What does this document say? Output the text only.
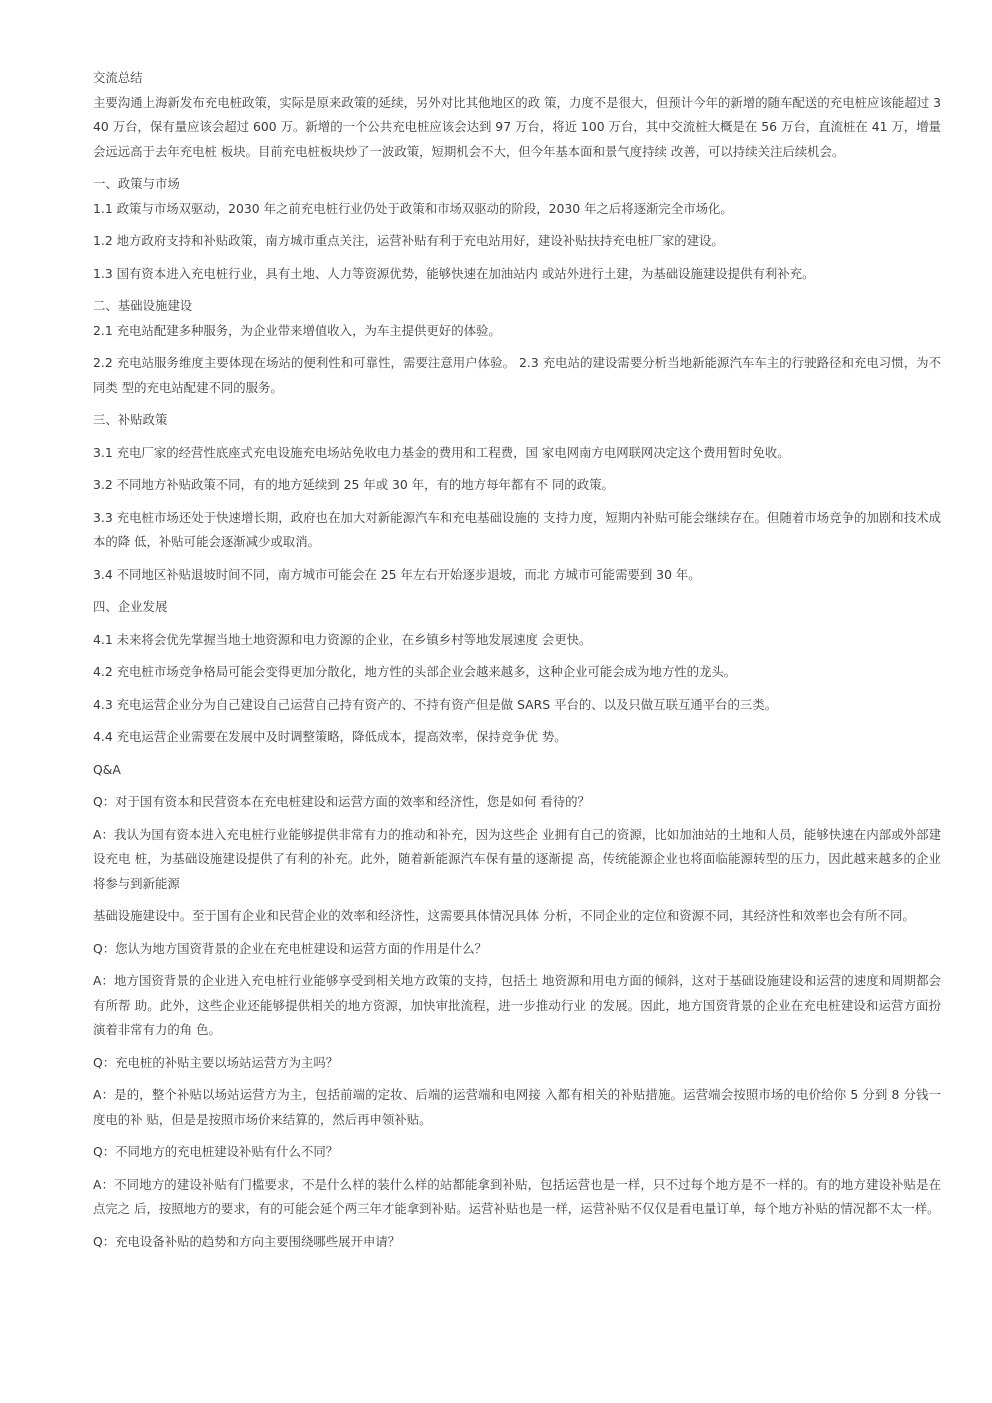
交流总结

主要沟通上海新发布充电桩政策，实际是原来政策的延续，另外对比其他地区的政 策，力度不是很大，但预计今年的新增的随车配送的充电桩应该能超过 340 万台，保有量应该会超过 600 万。新增的一个公共充电桩应该会达到 97 万台，将近 100 万台，其中交流桩大概是在 56 万台，直流桩在 41 万，增量会远远高于去年充电桩 板块。目前充电桩板块炒了一波政策，短期机会不大，但今年基本面和景气度持续 改善，可以持续关注后续机会。

一、政策与市场

1.1 政策与市场双驱动，2030 年之前充电桩行业仍处于政策和市场双驱动的阶段，2030 年之后将逐渐完全市场化。

1.2 地方政府支持和补贴政策，南方城市重点关注，运营补贴有利于充电站用好，建设补贴扶持充电桩厂家的建设。

1.3 国有资本进入充电桩行业，具有土地、人力等资源优势，能够快速在加油站内 或站外进行土建，为基础设施建设提供有利补充。

二、基础设施建设

2.1 充电站配建多种服务，为企业带来增值收入，为车主提供更好的体验。

2.2 充电站服务维度主要体现在场站的便利性和可靠性，需要注意用户体验。 2.3 充电站的建设需要分析当地新能源汽车车主的行驶路径和充电习惯，为不同类 型的充电站配建不同的服务。

三、补贴政策

3.1 充电厂家的经营性底座式充电设施充电场站免收电力基金的费用和工程费，国 家电网南方电网联网决定这个费用暂时免收。

3.2 不同地方补贴政策不同，有的地方延续到 25 年或 30 年，有的地方每年都有不 同的政策。

3.3 充电桩市场还处于快速增长期，政府也在加大对新能源汽车和充电基础设施的 支持力度，短期内补贴可能会继续存在。但随着市场竞争的加剧和技术成本的降 低，补贴可能会逐渐减少或取消。

3.4 不同地区补贴退坡时间不同，南方城市可能会在 25 年左右开始逐步退坡，而北 方城市可能需要到 30 年。

四、企业发展

4.1 未来将会优先掌握当地土地资源和电力资源的企业，在乡镇乡村等地发展速度 会更快。

4.2 充电桩市场竞争格局可能会变得更加分散化，地方性的头部企业会越来越多，这种企业可能会成为地方性的龙头。

4.3 充电运营企业分为自己建设自己运营自己持有资产的、不持有资产但是做 SARS 平台的、以及只做互联互通平台的三类。

4.4 充电运营企业需要在发展中及时调整策略，降低成本，提高效率，保持竞争优 势。

Q&A

Q：对于国有资本和民营资本在充电桩建设和运营方面的效率和经济性，您是如何 看待的？

A：我认为国有资本进入充电桩行业能够提供非常有力的推动和补充，因为这些企 业拥有自己的资源，比如加油站的土地和人员，能够快速在内部或外部建设充电 桩，为基础设施建设提供了有利的补充。此外，随着新能源汽车保有量的逐渐提 高，传统能源企业也将面临能源转型的压力，因此越来越多的企业将参与到新能源

基础设施建设中。至于国有企业和民营企业的效率和经济性，这需要具体情况具体 分析，不同企业的定位和资源不同，其经济性和效率也会有所不同。

Q：您认为地方国资背景的企业在充电桩建设和运营方面的作用是什么？

A：地方国资背景的企业进入充电桩行业能够享受到相关地方政策的支持，包括土 地资源和用电方面的倾斜，这对于基础设施建设和运营的速度和周期都会有所帮 助。此外，这些企业还能够提供相关的地方资源，加快审批流程，进一步推动行业 的发展。因此，地方国资背景的企业在充电桩建设和运营方面扮演着非常有力的角 色。

Q：充电桩的补贴主要以场站运营方为主吗？

A：是的，整个补贴以场站运营方为主，包括前端的定妆、后端的运营端和电网接 入都有相关的补贴措施。运营端会按照市场的电价给你 5 分到 8 分钱一度电的补 贴，但是是按照市场价来结算的，然后再申领补贴。

Q：不同地方的充电桩建设补贴有什么不同？

A：不同地方的建设补贴有门槛要求，不是什么样的装什么样的站都能拿到补贴，包括运营也是一样，只不过每个地方是不一样的。有的地方建设补贴是在点完之 后，按照地方的要求，有的可能会延个两三年才能拿到补贴。运营补贴也是一样，运营补贴不仅仅是看电量订单，每个地方补贴的情况都不太一样。

Q：充电设备补贴的趋势和方向主要围绕哪些展开申请？
